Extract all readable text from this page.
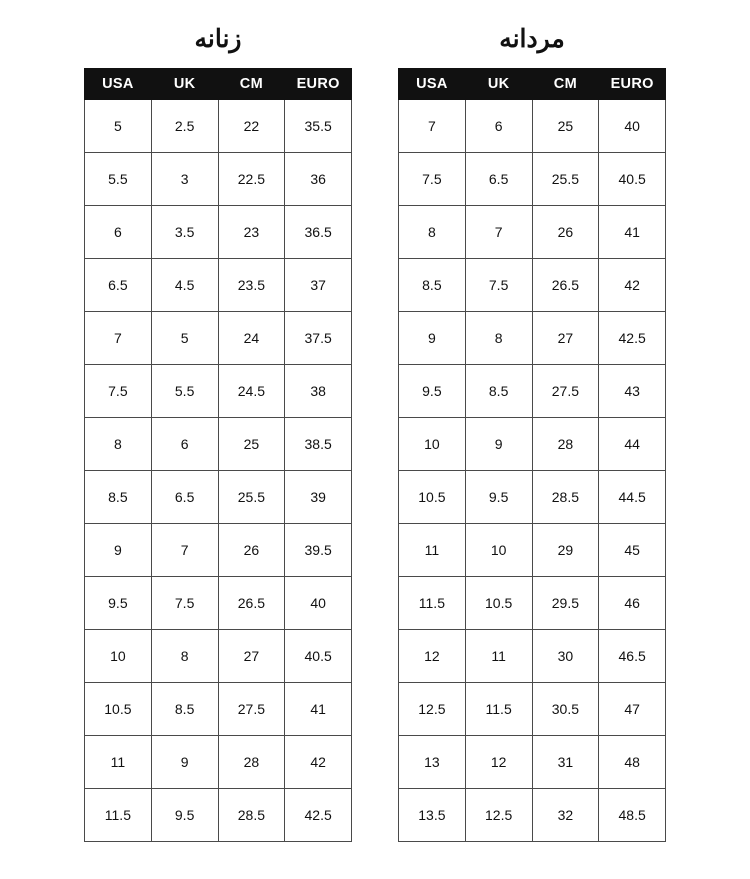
زنانه
USA	UK	CM	EURO
5	2.5	22	35.5
5.5	3	22.5	36
6	3.5	23	36.5
6.5	4.5	23.5	37
7	5	24	37.5
7.5	5.5	24.5	38
8	6	25	38.5
8.5	6.5	25.5	39
9	7	26	39.5
9.5	7.5	26.5	40
10	8	27	40.5
10.5	8.5	27.5	41
11	9	28	42
11.5	9.5	28.5	42.5
مردانه
USA	UK	CM	EURO
7	6	25	40
7.5	6.5	25.5	40.5
8	7	26	41
8.5	7.5	26.5	42
9	8	27	42.5
9.5	8.5	27.5	43
10	9	28	44
10.5	9.5	28.5	44.5
11	10	29	45
11.5	10.5	29.5	46
12	11	30	46.5
12.5	11.5	30.5	47
13	12	31	48
13.5	12.5	32	48.5
